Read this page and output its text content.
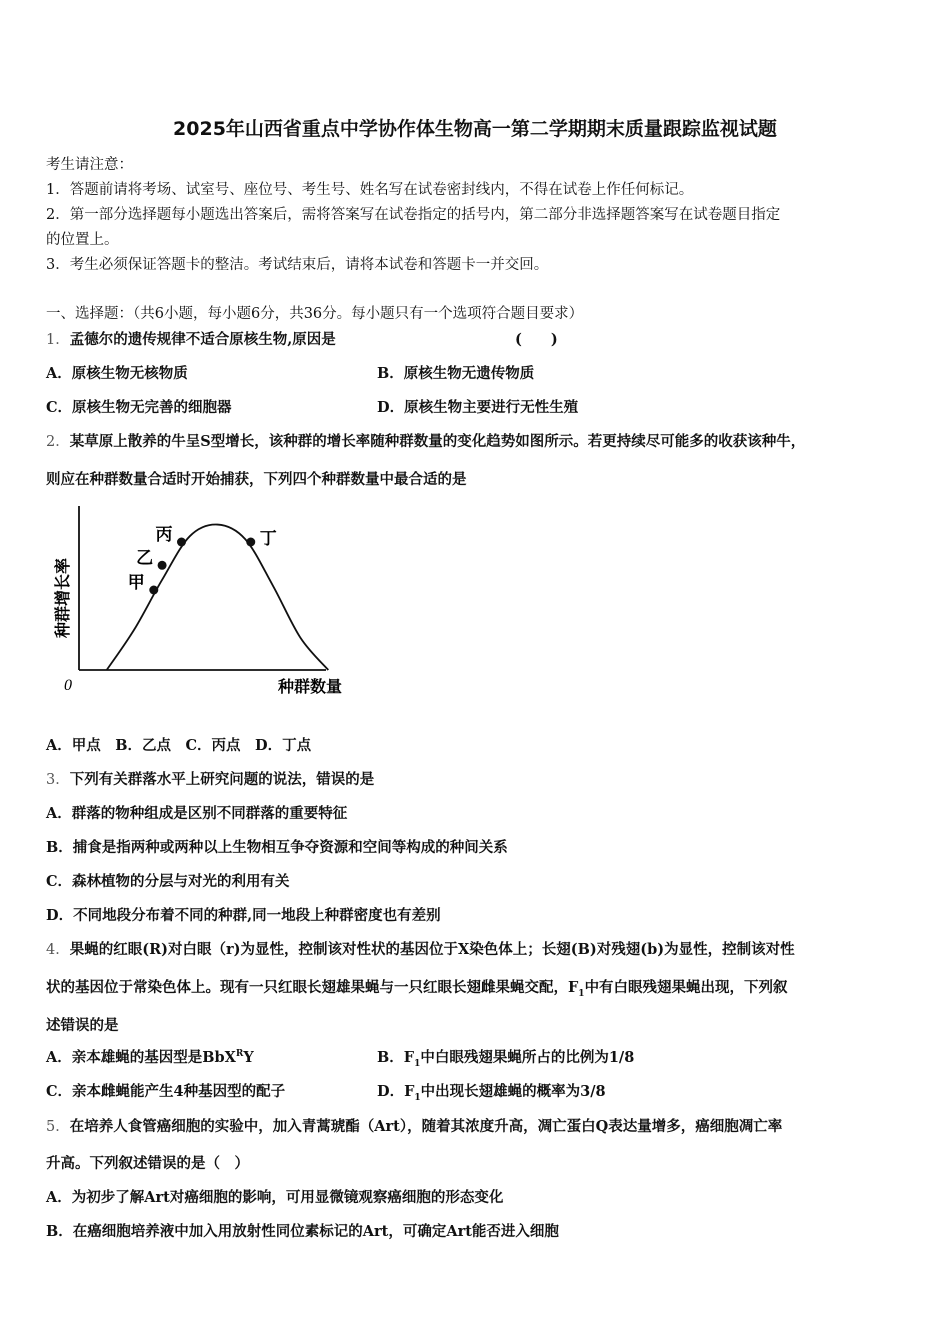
2025年山西省重点中学协作体生物高一第二学期期末质量跟踪监视试题
考生请注意：
1．答题前请将考场、试室号、座位号、考生号、姓名写在试卷密封线内，不得在试卷上作任何标记。
2．第一部分选择题每小题选出答案后，需将答案写在试卷指定的括号内，第二部分非选择题答案写在试卷题目指定
的位置上。
3．考生必须保证答题卡的整洁。考试结束后，请将本试卷和答题卡一并交回。
一、选择题：（共6小题，每小题6分，共36分。每小题只有一个选项符合题目要求）
1．孟德尔的遗传规律不适合原核生物,原因是	(　　)
A．原核生物无核物质	B．原核生物无遗传物质
C．原核生物无完善的细胞器	D．原核生物主要进行无性生殖
2．某草原上散养的牛呈S型增长，该种群的增长率随种群数量的变化趋势如图所示。若更持续尽可能多的收获该种牛，
则应在种群数量合适时开始捕获，下列四个种群数量中最合适的是
甲
乙
丙	丁
0	种群数量
种群增长率
A．甲点　B．乙点　C．丙点　D．丁点
3．下列有关群落水平上研究问题的说法，错误的是
A．群落的物种组成是区别不同群落的重要特征
B．捕食是指两种或两种以上生物相互争夺资源和空间等构成的种间关系
C．森林植物的分层与对光的利用有关
D．不同地段分布着不同的种群,同一地段上种群密度也有差别
4．果蝇的红眼(R)对白眼（r)为显性，控制该对性状的基因位于X染色体上；长翅(B)对残翅(b)为显性，控制该对性
状的基因位于常染色体上。现有一只红眼长翅雄果蝇与一只红眼长翅雌果蝇交配，$F_1$中有白眼残翅果蝇出现，下列叙
述错误的是
A．亲本雄蝇的基因型是BbX$^R$Y	B．$F_1$中白眼残翅果蝇所占的比例为1/8
C．亲本雌蝇能产生4种基因型的配子	D．$F_1$中出现长翅雄蝇的概率为3/8
5．在培养人食管癌细胞的实验中，加入青蒿琥酯（Art），随着其浓度升高，凋亡蛋白Q表达量增多，癌细胞凋亡率
升高。下列叙述错误的是（　）
A．为初步了解Art对癌细胞的影响，可用显微镜观察癌细胞的形态变化
B．在癌细胞培养液中加入用放射性同位素标记的Art，可确定Art能否进入细胞
